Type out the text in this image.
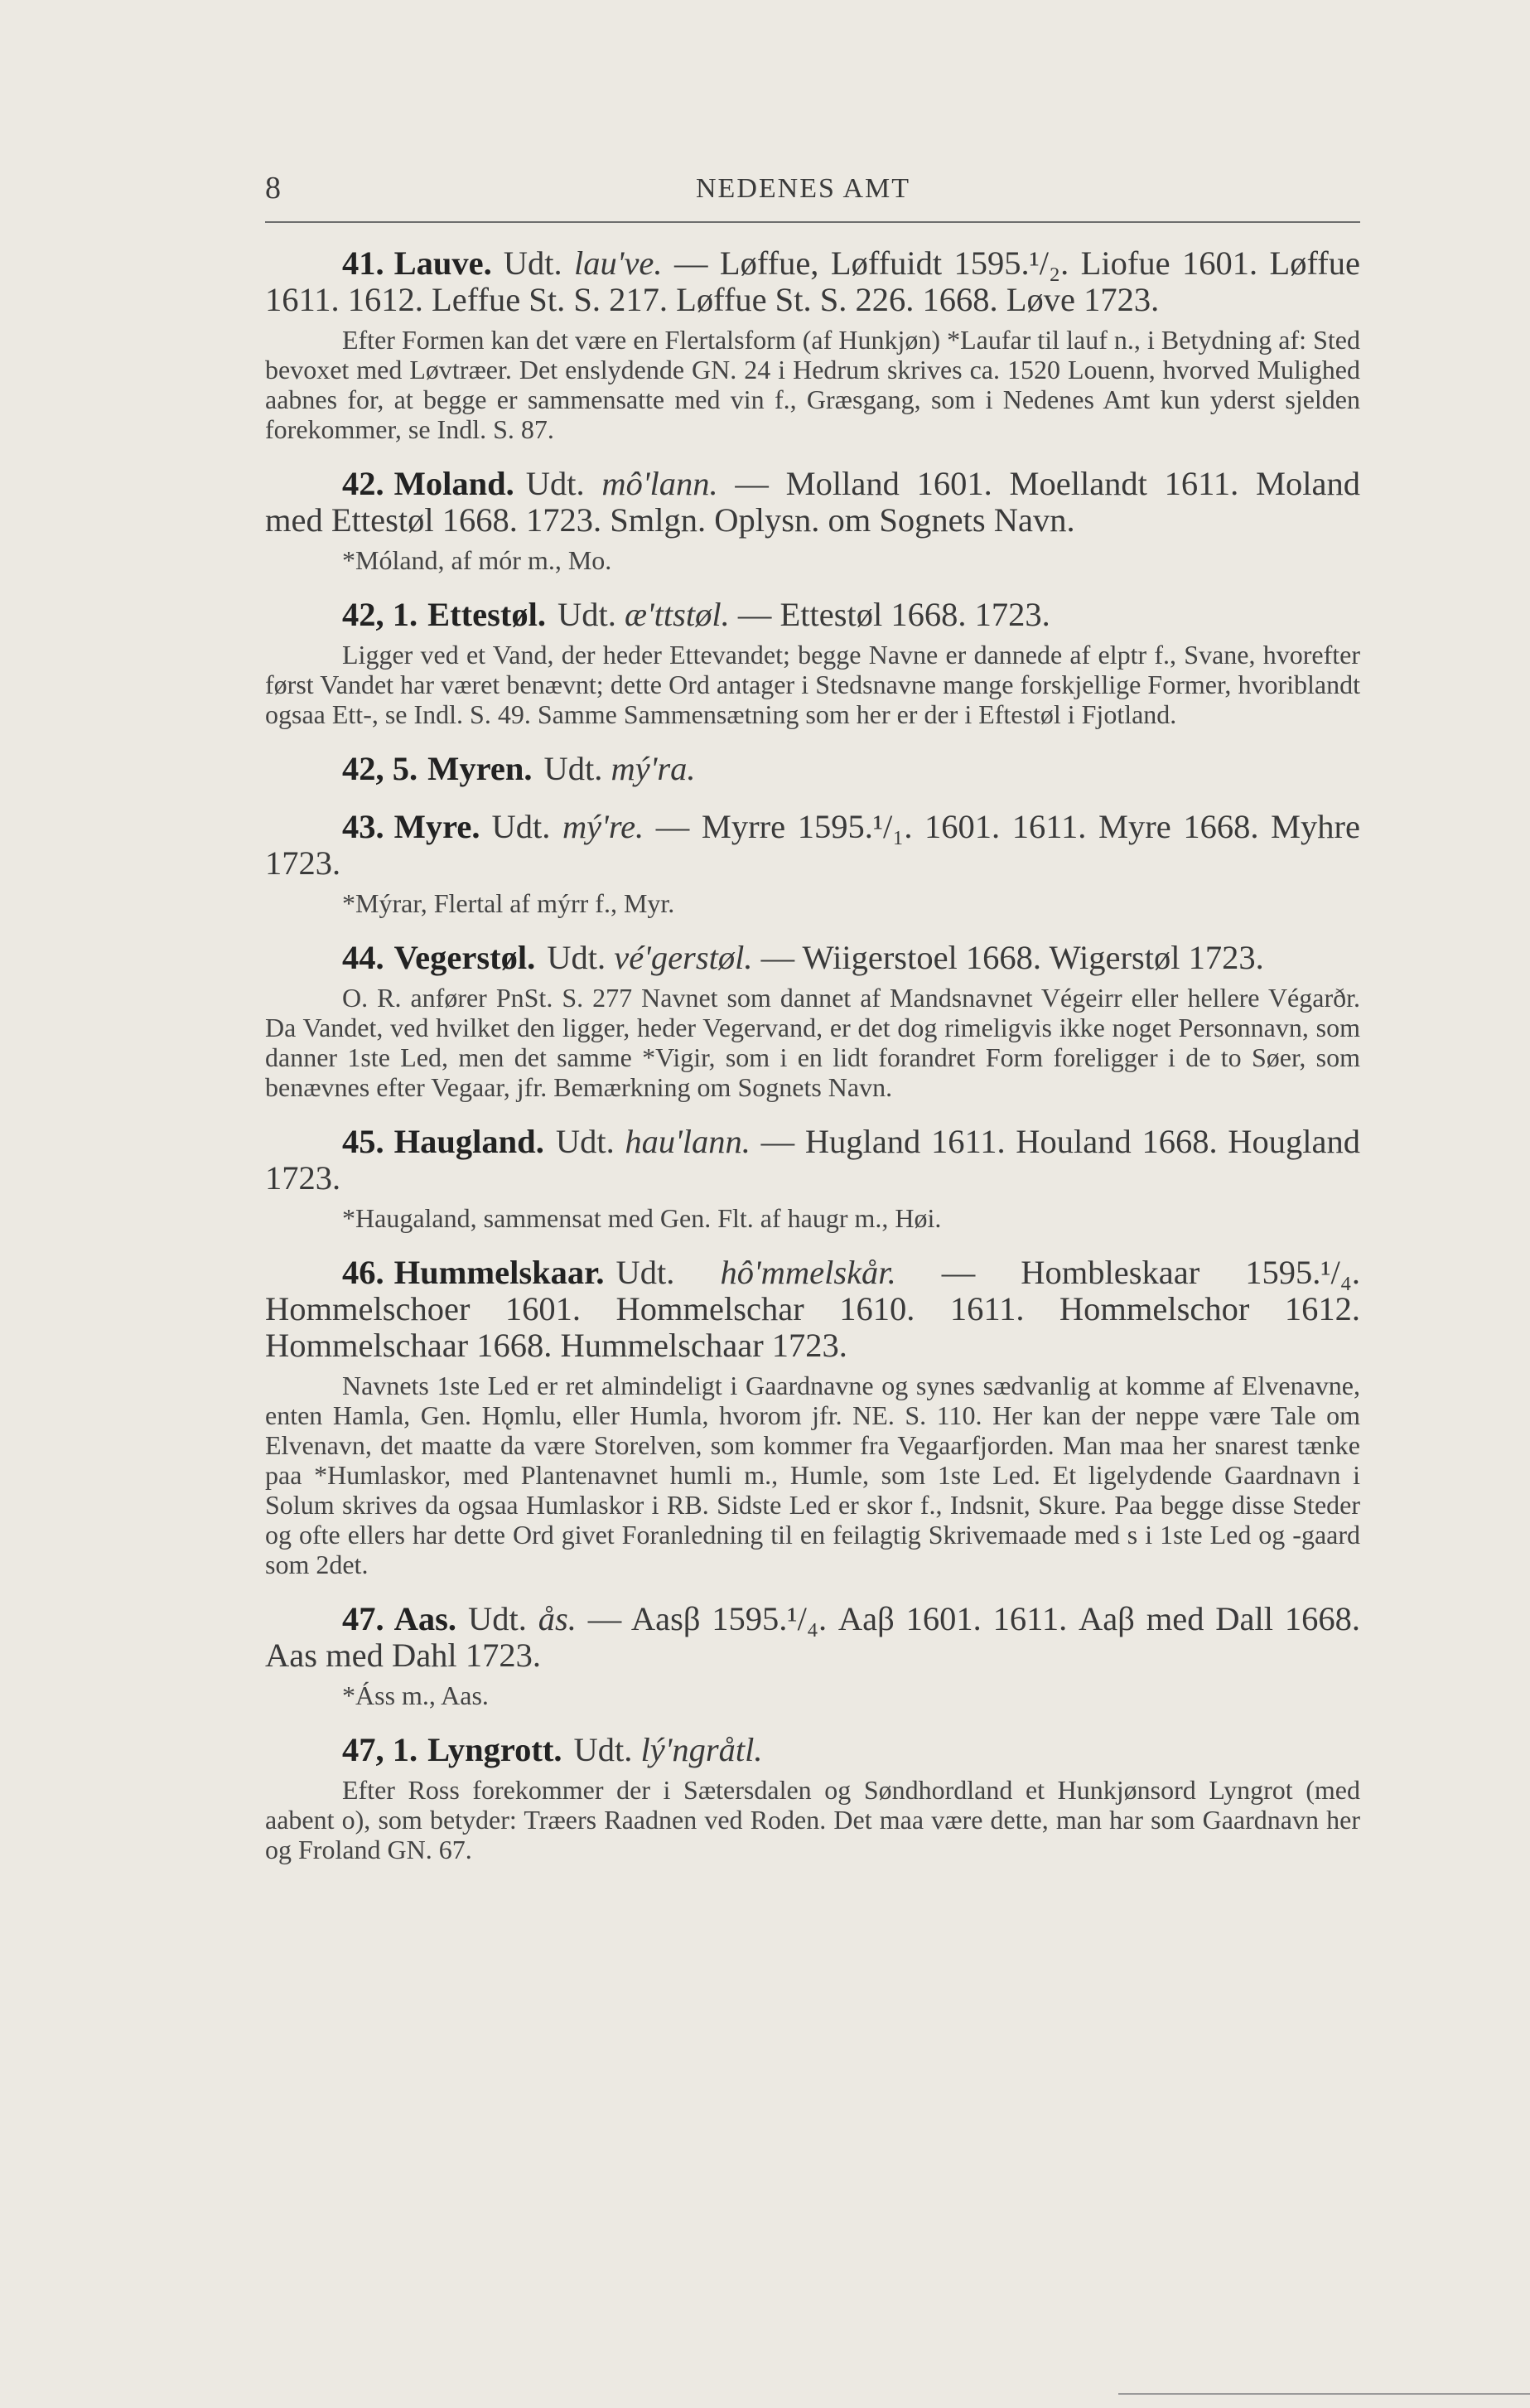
8	NEDENES AMT

41. Lauve. Udt. lau've. — Løffue, Løffuidt 1595.¹/₂. Liofue 1601. Løffue 1611. 1612. Leffue St. S. 217. Løffue St. S. 226. 1668. Løve 1723.

Efter Formen kan det være en Flertalsform (af Hunkjøn) *Laufar til lauf n., i Betydning af: Sted bevoxet med Løvtræer. Det enslydende GN. 24 i Hedrum skrives ca. 1520 Louenn, hvorved Mulighed aabnes for, at begge er sammensatte med vin f., Græsgang, som i Nedenes Amt kun yderst sjelden forekommer, se Indl. S. 87.

42. Moland. Udt. mô'lann. — Molland 1601. Moellandt 1611. Moland med Ettestøl 1668. 1723. Smlgn. Oplysn. om Sognets Navn.

*Móland, af mór m., Mo.

42, 1. Ettestøl. Udt. æ'ttstøl. — Ettestøl 1668. 1723.

Ligger ved et Vand, der heder Ettevandet; begge Navne er dannede af elptr f., Svane, hvorefter først Vandet har været benævnt; dette Ord antager i Stedsnavne mange forskjellige Former, hvoriblandt ogsaa Ett-, se Indl. S. 49. Samme Sammensætning som her er der i Eftestøl i Fjotland.

42, 5. Myren. Udt. mý'ra.

43. Myre. Udt. mý're. — Myrre 1595.¹/₁. 1601. 1611. Myre 1668. Myhre 1723.

*Mýrar, Flertal af mýrr f., Myr.

44. Vegerstøl. Udt. vé'gerstøl. — Wiigerstoel 1668. Wigerstøl 1723.

O. R. anfører PnSt. S. 277 Navnet som dannet af Mandsnavnet Végeirr eller hellere Végarðr. Da Vandet, ved hvilket den ligger, heder Vegervand, er det dog rimeligvis ikke noget Personnavn, som danner 1ste Led, men det samme *Vigir, som i en lidt forandret Form foreligger i de to Søer, som benævnes efter Vegaar, jfr. Bemærkning om Sognets Navn.

45. Haugland. Udt. hau'lann. — Hugland 1611. Houland 1668. Hougland 1723.

*Haugaland, sammensat med Gen. Flt. af haugr m., Høi.

46. Hummelskaar. Udt. hô'mmelskår. — Hombleskaar 1595.¹/₄. Hommelschoer 1601. Hommelschar 1610. 1611. Hommelschor 1612. Hommelschaar 1668. Hummelschaar 1723.

Navnets 1ste Led er ret almindeligt i Gaardnavne og synes sædvanlig at komme af Elvenavne, enten Hamla, Gen. Hǫmlu, eller Humla, hvorom jfr. NE. S. 110. Her kan der neppe være Tale om Elvenavn, det maatte da være Storelven, som kommer fra Vegaarfjorden. Man maa her snarest tænke paa *Humlaskor, med Plantenavnet humli m., Humle, som 1ste Led. Et ligelydende Gaardnavn i Solum skrives da ogsaa Humlaskor i RB. Sidste Led er skor f., Indsnit, Skure. Paa begge disse Steder og ofte ellers har dette Ord givet Foranledning til en feilagtig Skrivemaade med s i 1ste Led og -gaard som 2det.

47. Aas. Udt. ås. — Aasβ 1595.¹/₄. Aaβ 1601. 1611. Aaβ med Dall 1668. Aas med Dahl 1723.

*Áss m., Aas.

47, 1. Lyngrott. Udt. lý'ngråtl.

Efter Ross forekommer der i Sætersdalen og Søndhordland et Hunkjønsord Lyngrot (med aabent o), som betyder: Træers Raadnen ved Roden. Det maa være dette, man har som Gaardnavn her og Froland GN. 67.
